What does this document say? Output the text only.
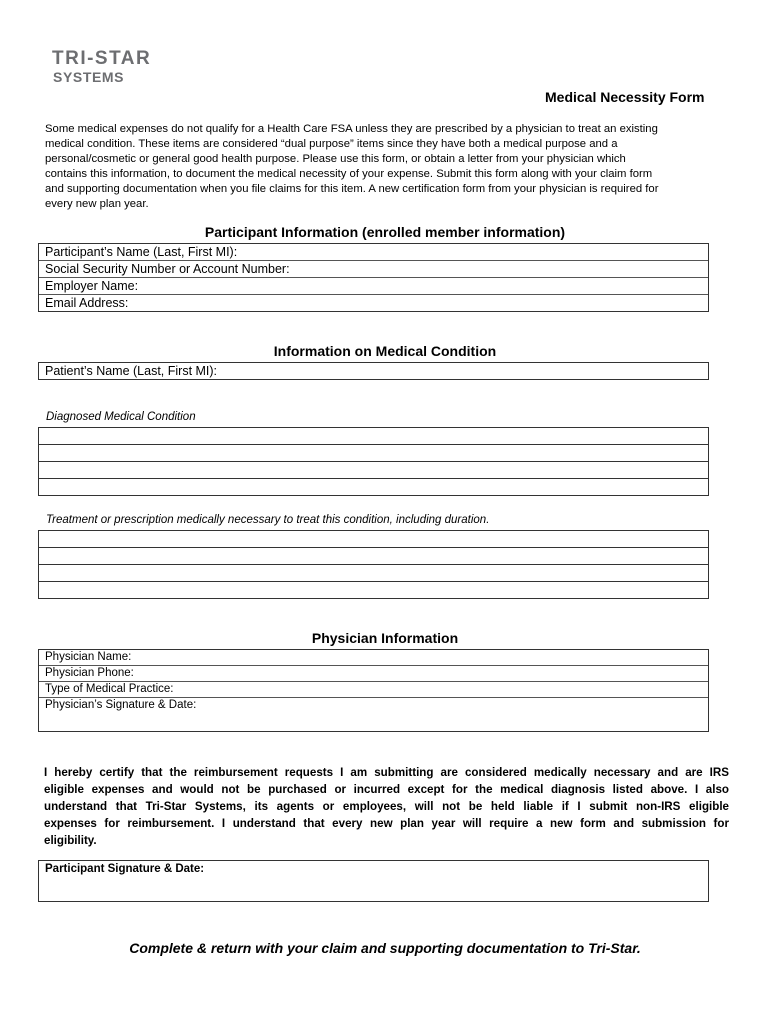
TRI-STAR
SYSTEMS
Medical Necessity Form
Some medical expenses do not qualify for a Health Care FSA unless they are prescribed by a physician to treat an existing
medical condition. These items are considered “dual purpose” items since they have both a medical purpose and a
personal/cosmetic or general good health purpose. Please use this form, or obtain a letter from your physician which
contains this information, to document the medical necessity of your expense. Submit this form along with your claim form
and supporting documentation when you file claims for this item. A new certification form from your physician is required for
every new plan year.
Participant Information (enrolled member information)
Participant’s Name (Last, First MI):
Social Security Number or Account Number:
Employer Name:
Email Address:
Information on Medical Condition
Patient’s Name (Last, First MI):
Diagnosed Medical Condition
Treatment or prescription medically necessary to treat this condition, including duration.
Physician Information
Physician Name:
Physician Phone:
Type of Medical Practice:
Physician’s Signature & Date:
I hereby certify that the reimbursement requests I am submitting are considered medically necessary and are IRS
eligible expenses and would not be purchased or incurred except for the medical diagnosis listed above. I also
understand that Tri-Star Systems, its agents or employees, will not be held liable if I submit non-IRS eligible
expenses for reimbursement. I understand that every new plan year will require a new form and submission for
eligibility.
Participant Signature & Date:
Complete & return with your claim and supporting documentation to Tri-Star.
